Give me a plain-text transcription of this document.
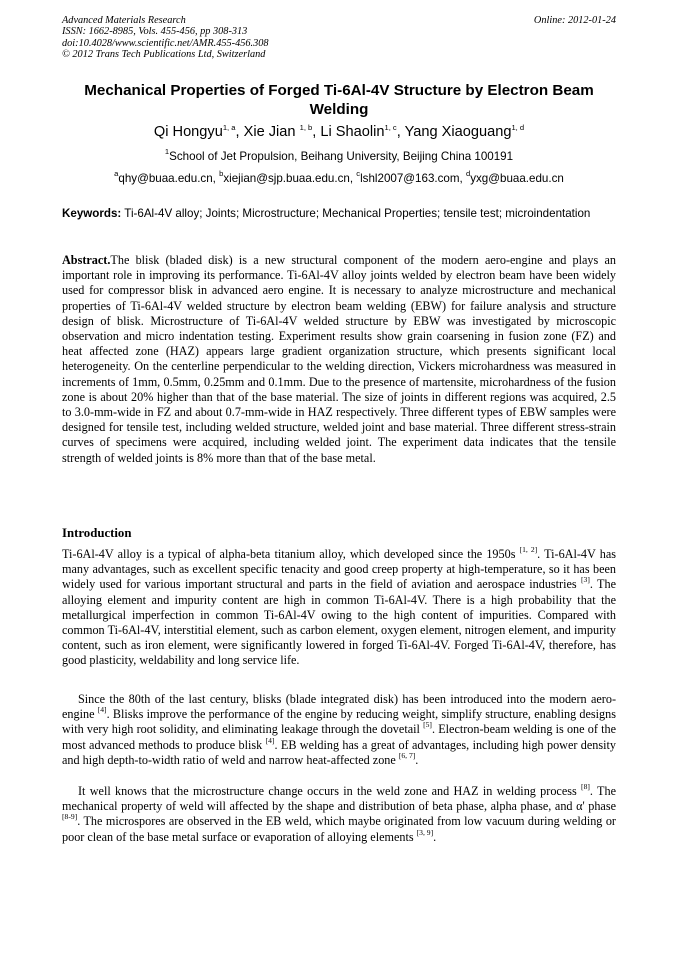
Advanced Materials Research
ISSN: 1662-8985, Vols. 455-456, pp 308-313
doi:10.4028/www.scientific.net/AMR.455-456.308
© 2012 Trans Tech Publications Ltd, Switzerland
Online: 2012-01-24
Mechanical Properties of Forged Ti-6Al-4V Structure by Electron Beam Welding
Qi Hongyu$^{1, a}$, Xie Jian $^{1, b}$, Li Shaolin$^{1, c}$, Yang Xiaoguang$^{1, d}$
$^1$School of Jet Propulsion, Beihang University, Beijing China 100191
$^a$qhy@buaa.edu.cn, $^b$xiejian@sjp.buaa.edu.cn, $^c$lshl2007@163.com, $^d$yxg@buaa.edu.cn
Keywords: Ti-6Al-4V alloy; Joints; Microstructure; Mechanical Properties; tensile test; microindentation

Abstract.The blisk (bladed disk) is a new structural component of the modern aero-engine and plays an important role in improving its performance. Ti-6Al-4V alloy joints welded by electron beam have been widely used for compressor blisk in advanced aero engine. It is necessary to analyze microstructure and mechanical properties of Ti-6Al-4V welded structure by electron beam welding (EBW) for failure analysis and structure design of blisk. Microstructure of Ti-6Al-4V welded structure by EBW was investigated by microscopic observation and micro indentation testing. Experiment results show grain coarsening in fusion zone (FZ) and heat affected zone (HAZ) appears large gradient organization structure, which presents significant local heterogeneity. On the centerline perpendicular to the welding direction, Vickers microhardness was measured in increments of 1mm, 0.5mm, 0.25mm and 0.1mm. Due to the presence of martensite, microhardness of the fusion zone is about 20% higher than that of the base material. The size of joints in different regions was acquired, 2.5 to 3.0-mm-wide in FZ and about 0.7-mm-wide in HAZ respectively. Three different types of EBW samples were designed for tensile test, including welded structure, welded joint and base material. Three different stress-strain curves of specimens were acquired, including welded joint. The experiment data indicates that the tensile strength of welded joints is 8% more than that of the base metal.

Introduction

Ti-6Al-4V alloy is a typical of alpha-beta titanium alloy, which developed since the 1950s [1, 2]. Ti-6Al-4V has many advantages, such as excellent specific tenacity and good creep property at high-temperature, so it has been widely used for various important structural and parts in the field of aviation and aerospace industries [3]. The alloying element and impurity content are high in common Ti-6Al-4V. There is a high probability that the metallurgical imperfection in common Ti-6Al-4V owing to the high content of impurities. Compared with common Ti-6Al-4V, interstitial element, such as carbon element, oxygen element, nitrogen element, and impurity content, such as iron element, were significantly lowered in forged Ti-6Al-4V. Forged Ti-6Al-4V, therefore, has good plasticity, weldability and long service life.

Since the 80th of the last century, blisks (blade integrated disk) has been introduced into the modern aero-engine [4]. Blisks improve the performance of the engine by reducing weight, simplify structure, enabling designs with very high root solidity, and eliminating leakage through the dovetail [5]. Electron-beam welding is one of the most advanced methods to produce blisk [4]. EB welding has a great of advantages, including high power density and high depth-to-width ratio of weld and narrow heat-affected zone [6, 7].

It well knows that the microstructure change occurs in the weld zone and HAZ in welding process [8]. The mechanical property of weld will affected by the shape and distribution of beta phase, alpha phase, and α' phase [8-9]. The microspores are observed in the EB weld, which maybe originated from low vacuum during welding or poor clean of the base metal surface or evaporation of alloying elements [3, 9].
